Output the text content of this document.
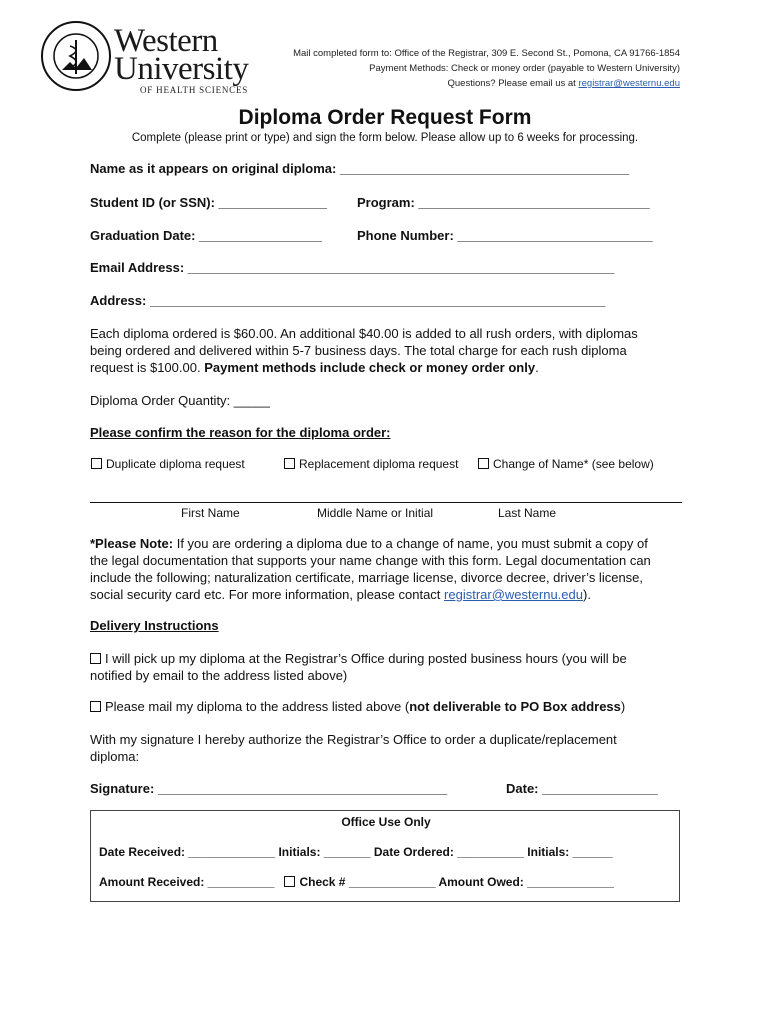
Western
University
OF HEALTH SCIENCES
Mail completed form to: Office of the Registrar, 309 E. Second St., Pomona, CA 91766-1854
Payment Methods: Check or money order (payable to Western University)
Questions? Please email us at registrar@westernu.edu
Diploma Order Request Form
Complete (please print or type) and sign the form below. Please allow up to 6 weeks for processing.
Name as it appears on original diploma: ________________________________________
Student ID (or SSN): _______________ Program: ________________________________
Graduation Date: _________________	Phone Number: ___________________________
Email Address: ___________________________________________________________
Address: _______________________________________________________________
Each diploma ordered is $60.00. An additional $40.00 is added to all rush orders, with diplomas
being ordered and delivered within 5-7 business days. The total charge for each rush diploma
request is $100.00. Payment methods include check or money order only.
Diploma Order Quantity: _____
Please confirm the reason for the diploma order:
Duplicate diploma request	Replacement diploma request	Change of Name* (see below)
First Name	Middle Name or Initial	Last Name
*Please Note: If you are ordering a diploma due to a change of name, you must submit a copy of
the legal documentation that supports your name change with this form. Legal documentation can
include the following; naturalization certificate, marriage license, divorce decree, driver’s license,
social security card etc. For more information, please contact registrar@westernu.edu).
Delivery Instructions
I will pick up my diploma at the Registrar’s Office during posted business hours (you will be
notified by email to the address listed above)
Please mail my diploma to the address listed above (not deliverable to PO Box address)
With my signature I hereby authorize the Registrar’s Office to order a duplicate/replacement
diploma:
Signature: ________________________________________	Date: ________________
Office Use Only
Date Received: _____________ Initials: _______ Date Ordered: __________ Initials: ______
Amount Received: __________ Check # _____________ Amount Owed: _____________
